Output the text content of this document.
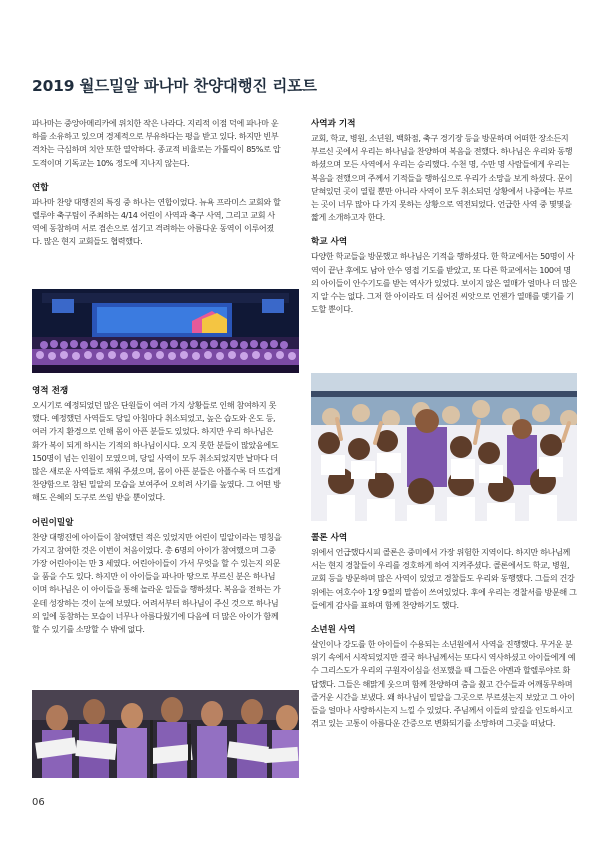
2019 월드밀알 파나마 찬양대행진 리포트

파나마는 중앙아메리카에 위치한 작은 나라다. 지리적 이점 덕에 파나마 운하를 소유하고 있으며 경제적으로 부유하다는 평을 받고 있다. 하지만 빈부격차는 극심하며 치안 또한 열악하다. 종교적 비율로는 가톨릭이 85%로 압도적이며 기독교는 10% 정도에 지나지 않는다.

연합

파나마 찬양 대행진의 특징 중 하나는 연합이었다. 뉴욕 프라미스 교회와 할렐루야 축구팀이 주최하는 4/14 어린이 사역과 축구 사역, 그리고 교회 사역에 동참하며 서로 겸손으로 섬기고 격려하는 아름다운 동역이 이루어졌다. 많은 현지 교회들도 협력했다.

영적 전쟁

오시기로 예정되었던 많은 단원들이 여러 가지 상황들로 인해 참여하지 못했다. 예정했던 사역들도 당일 아침마다 취소되었고, 높은 습도와 온도 등, 여러 가지 환경으로 인해 몸이 아픈 분들도 있었다. 하지만 우리 하나님은 화가 복이 되게 하시는 기적의 하나님이시다. 오지 못한 분들이 많았음에도 150명이 넘는 인원이 모였으며, 당일 사역이 모두 취소되었지만 날마다 더 많은 새로운 사역들로 채워 주셨으며, 몸이 아픈 분들은 아플수록 더 뜨겁게 찬양함으로 참된 밀알의 모습을 보여주어 오히려 사기를 높였다. 그 어떤 방해도 은혜의 도구로 쓰임 받을 뿐이었다.

어린이밀알

찬양 대행진에 아이들이 참여했던 적은 있었지만 어린이 밀알이라는 명칭을 가지고 참여한 것은 이번이 처음이었다. 총 6명의 아이가 참여했으며 그중 가장 어린아이는 만 3 세였다. 어린아이들이 가서 무엇을 할 수 있는지 의문을 품을 수도 있다. 하지만 이 아이들을 파나마 땅으로 부르신 분은 하나님이며 하나님은 이 아이들을 통해 놀라운 일들을 행하셨다. 복음을 전하는 가운데 성장하는 것이 눈에 보였다. 어려서부터 하나님이 주신 것으로 하나님의 일에 동참하는 모습이 너무나 아름다웠기에 다음에 더 많은 아이가 함께 할 수 있기를 소망할 수 밖에 없다.

사역과 기적

교회, 학교, 병원, 소년원, 백화점, 축구 경기장 등을 방문하며 어떠한 장소든지 부르신 곳에서 우리는 하나님을 찬양하며 복음을 전했다. 하나님은 우리와 동행하셨으며 모든 사역에서 우리는 승리했다. 수천 명, 수만 명 사람들에게 우리는 복음을 전했으며 주께서 기적들을 행하심으로 우리가 소망을 보게 하셨다. 문이 닫혀있던 곳이 열릴 뿐만 아니라 사역이 모두 취소되던 상황에서 나중에는 부르는 곳이 너무 많아 다 가지 못하는 상황으로 역전되었다. 언급한 사역 중 몇몇을 짧게 소개하고자 한다.

학교 사역

다양한 학교들을 방문했고 하나님은 기적을 행하셨다. 한 학교에서는 50명이 사역이 끝난 후에도 남아 안수 영접 기도를 받았고, 또 다른 학교에서는 100여 명의 아이들이 안수기도를 받는 역사가 있었다. 보이지 않은 열매가 얼마나 더 많은지 알 수는 없다. 그저 한 아이라도 더 심어진 씨앗으로 언젠가 열매를 맺기를 기도할 뿐이다.

콜론 사역

위에서 언급했다시피 콜론은 중미에서 가장 위험한 지역이다. 하지만 하나님께서는 현지 경찰들이 우리를 경호하게 하여 지켜주셨다. 콜론에서도 학교, 병원, 교회 등을 방문하며 많은 사역이 있었고 경찰들도 우리와 동행했다. 그들의 건강 위에는 여호수아 1장 9절의 말씀이 쓰여있었다. 후에 우리는 경찰서를 방문해 그들에게 감사를 표하며 함께 찬양하기도 했다.

소년원 사역

살인이나 강도를 한 아이들이 수용되는 소년원에서 사역을 진행했다. 무거운 분위기 속에서 시작되었지만 결국 하나님께서는 또다시 역사하셨고 아이들에게 예수 그리스도가 우리의 구원자이심을 선포했을 때 그들은 아멘과 할렐루야로 화답했다. 그들은 해맑게 웃으며 함께 찬양하며 춤을 췄고 간수들과 어깨동무하며 즐거운 시간을 보냈다. 왜 하나님이 밀알을 그곳으로 부르셨는지 보았고 그 아이들을 얼마나 사랑하시는지 느낄 수 있었다. 주님께서 이들의 앞길을 인도하시고 겪고 있는 고통이 아름다운 간증으로 변화되기를 소망하며 그곳을 떠났다.

06
